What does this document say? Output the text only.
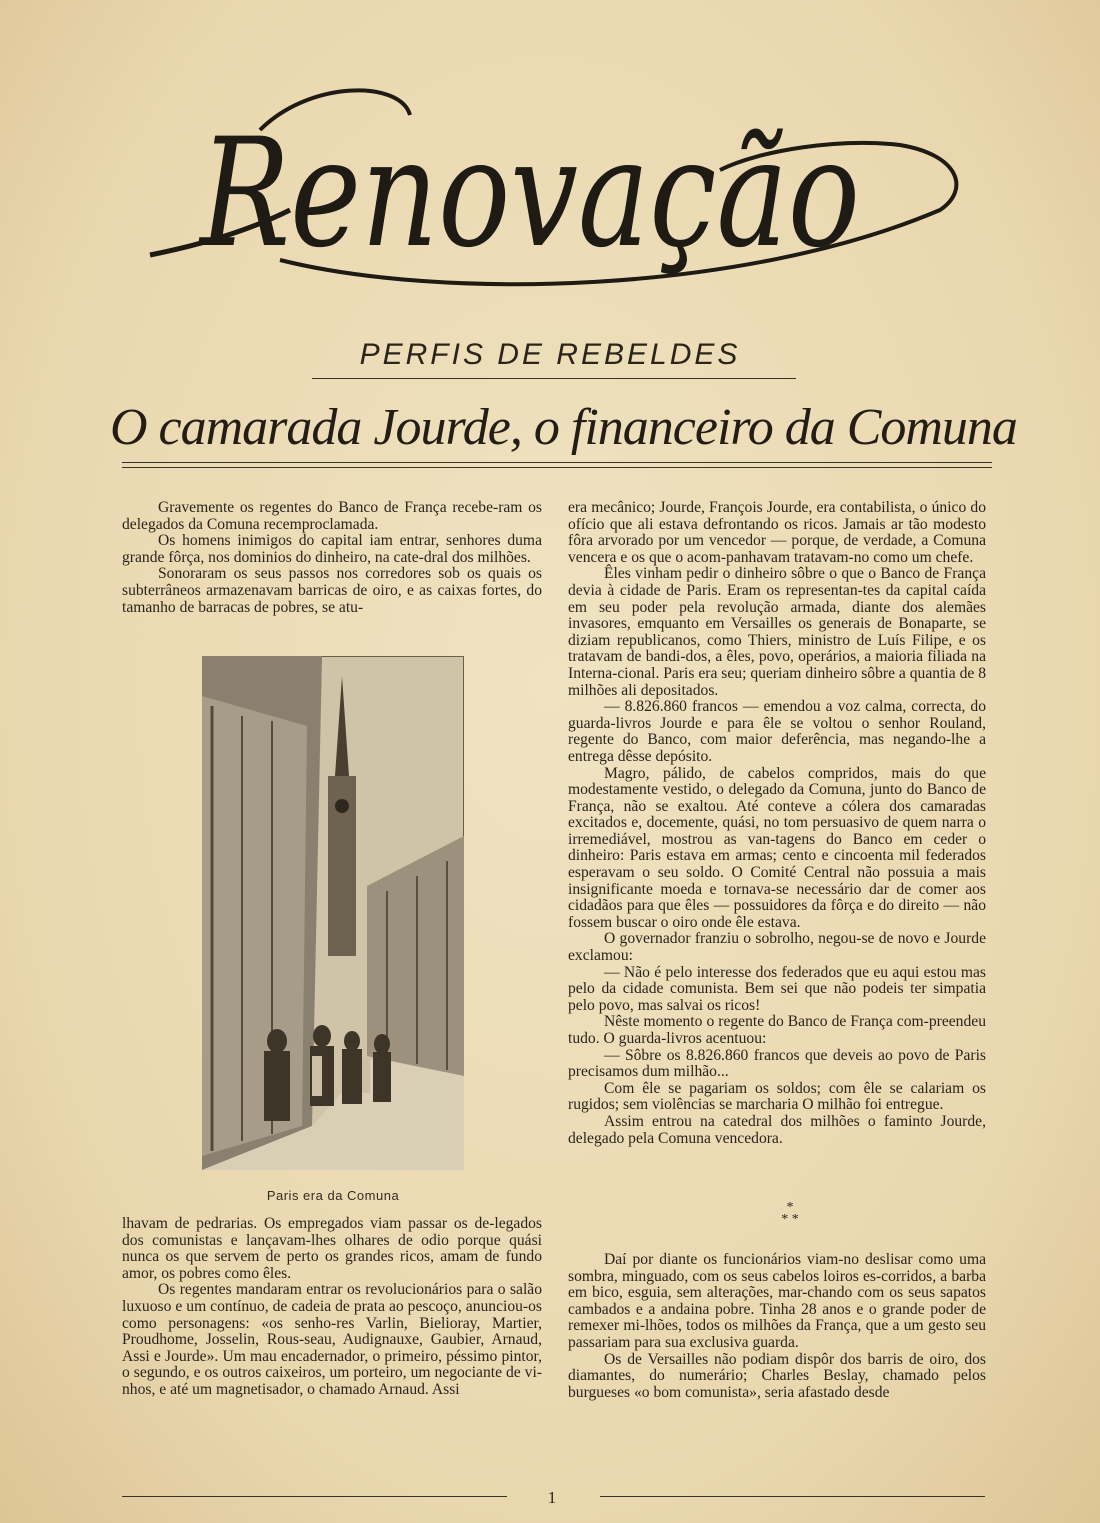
Renovação
PERFIS DE REBELDES
O camarada Jourde, o financeiro da Comuna

Gravemente os regentes do Banco de França recebe-ram os delegados da Comuna recemproclamada.

Os homens inimigos do capital iam entrar, senhores duma grande fôrça, nos dominios do dinheiro, na cate-dral dos milhões.

Sonoraram os seus passos nos corredores sob os quais os subterrâneos armazenavam barricas de oiro, e as caixas fortes, do tamanho de barracas de pobres, se atu-

Paris era da Comuna

lhavam de pedrarias. Os empregados viam passar os de-legados dos comunistas e lançavam-lhes olhares de odio porque quási nunca os que servem de perto os grandes ricos, amam de fundo amor, os pobres como êles.

Os regentes mandaram entrar os revolucionários para o salão luxuoso e um contínuo, de cadeia de prata ao pescoço, anunciou-os como personagens: «os senho-res Varlin, Bielioray, Martier, Proudhome, Josselin, Rous-seau, Audignauxe, Gaubier, Arnaud, Assi e Jourde». Um mau encadernador, o primeiro, péssimo pintor, o segundo, e os outros caixeiros, um porteiro, um negociante de vi-nhos, e até um magnetisador, o chamado Arnaud. Assi

era mecânico; Jourde, François Jourde, era contabilista, o único do ofício que ali estava defrontando os ricos. Jamais ar tão modesto fôra arvorado por um vencedor — porque, de verdade, a Comuna vencera e os que o acom-panhavam tratavam-no como um chefe.

Êles vinham pedir o dinheiro sôbre o que o Banco de França devia à cidade de Paris. Eram os representan-tes da capital caída em seu poder pela revolução armada, diante dos alemães invasores, emquanto em Versailles os generais de Bonaparte, se diziam republicanos, como Thiers, ministro de Luís Filipe, e os tratavam de bandi-dos, a êles, povo, operários, a maioria filiada na Interna-cional. Paris era seu; queriam dinheiro sôbre a quantia de 8 milhões ali depositados.

— 8.826.860 francos — emendou a voz calma, correcta, do guarda-livros Jourde e para êle se voltou o senhor Rouland, regente do Banco, com maior deferência, mas negando-lhe a entrega dêsse depósito.

Magro, pálido, de cabelos compridos, mais do que modestamente vestido, o delegado da Comuna, junto do Banco de França, não se exaltou. Até conteve a cólera dos camaradas excitados e, docemente, quási, no tom persuasivo de quem narra o irremediável, mostrou as van-tagens do Banco em ceder o dinheiro: Paris estava em armas; cento e cincoenta mil federados esperavam o seu soldo. O Comité Central não possuia a mais insignificante moeda e tornava-se necessário dar de comer aos cidadãos para que êles — possuidores da fôrça e do direito — não fossem buscar o oiro onde êle estava.

O governador franziu o sobrolho, negou-se de novo e Jourde exclamou:

— Não é pelo interesse dos federados que eu aqui estou mas pelo da cidade comunista. Bem sei que não podeis ter simpatia pelo povo, mas salvai os ricos!

Nêste momento o regente do Banco de França com-preendeu tudo. O guarda-livros acentuou:

— Sôbre os 8.826.860 francos que deveis ao povo de Paris precisamos dum milhão...

Com êle se pagariam os soldos; com êle se calariam os rugidos; sem violências se marcharia O milhão foi entregue.

Assim entrou na catedral dos milhões o faminto Jourde, delegado pela Comuna vencedora.

*
* *

Daí por diante os funcionários viam-no deslisar como uma sombra, minguado, com os seus cabelos loiros es-corridos, a barba em bico, esguia, sem alterações, mar-chando com os seus sapatos cambados e a andaina pobre. Tinha 28 anos e o grande poder de remexer mi-lhões, todos os milhões da França, que a um gesto seu passariam para sua exclusiva guarda.

Os de Versailles não podiam dispôr dos barris de oiro, dos diamantes, do numerário; Charles Beslay, chamado pelos burgueses «o bom comunista», seria afastado desde

1
